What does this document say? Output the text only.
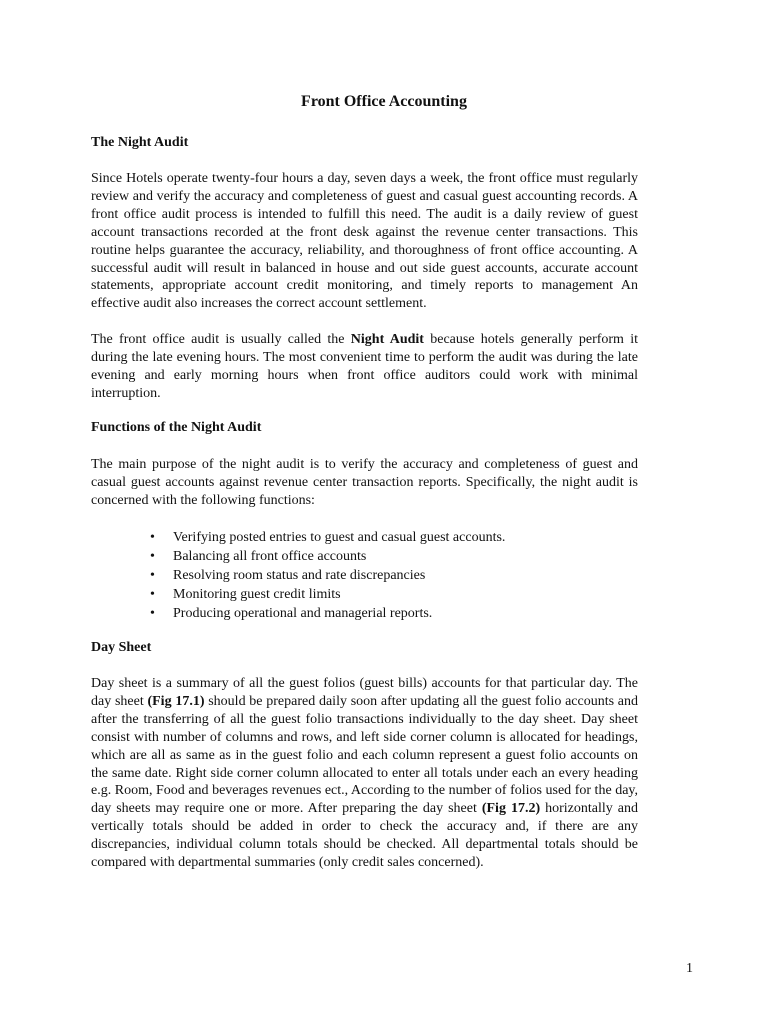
Front Office Accounting
The Night Audit

Since Hotels operate twenty-four hours a day, seven days a week, the front office must regularly review and verify the accuracy and completeness of guest and casual guest accounting records. A front office audit process is intended to fulfill this need. The audit is a daily review of guest account transactions recorded at the front desk against the revenue center transactions. This routine helps guarantee the accuracy, reliability, and thoroughness of front office accounting. A successful audit will result in balanced in house and out side guest accounts, accurate account statements, appropriate account credit monitoring, and timely reports to management An effective audit also increases the correct account settlement.

The front office audit is usually called the Night Audit because hotels generally perform it during the late evening hours. The most convenient time to perform the audit was during the late evening and early morning hours when front office auditors could work with minimal interruption.

Functions of the Night Audit

The main purpose of the night audit is to verify the accuracy and completeness of guest and casual guest accounts against revenue center transaction reports. Specifically, the night audit is concerned with the following functions:

• Verifying posted entries to guest and casual guest accounts.
• Balancing all front office accounts
• Resolving room status and rate discrepancies
• Monitoring guest credit limits
• Producing operational and managerial reports.
Day Sheet

Day sheet is a summary of all the guest folios (guest bills) accounts for that particular day. The day sheet (Fig 17.1) should be prepared daily soon after updating all the guest folio accounts and after the transferring of all the guest folio transactions individually to the day sheet. Day sheet consist with number of columns and rows, and left side corner column is allocated for headings, which are all as same as in the guest folio and each column represent a guest folio accounts on the same date. Right side corner column allocated to enter all totals under each an every heading e.g. Room, Food and beverages revenues ect., According to the number of folios used for the day, day sheets may require one or more. After preparing the day sheet (Fig 17.2) horizontally and vertically totals should be added in order to check the accuracy and, if there are any discrepancies, individual column totals should be checked. All departmental totals should be compared with departmental summaries (only credit sales concerned).

1
